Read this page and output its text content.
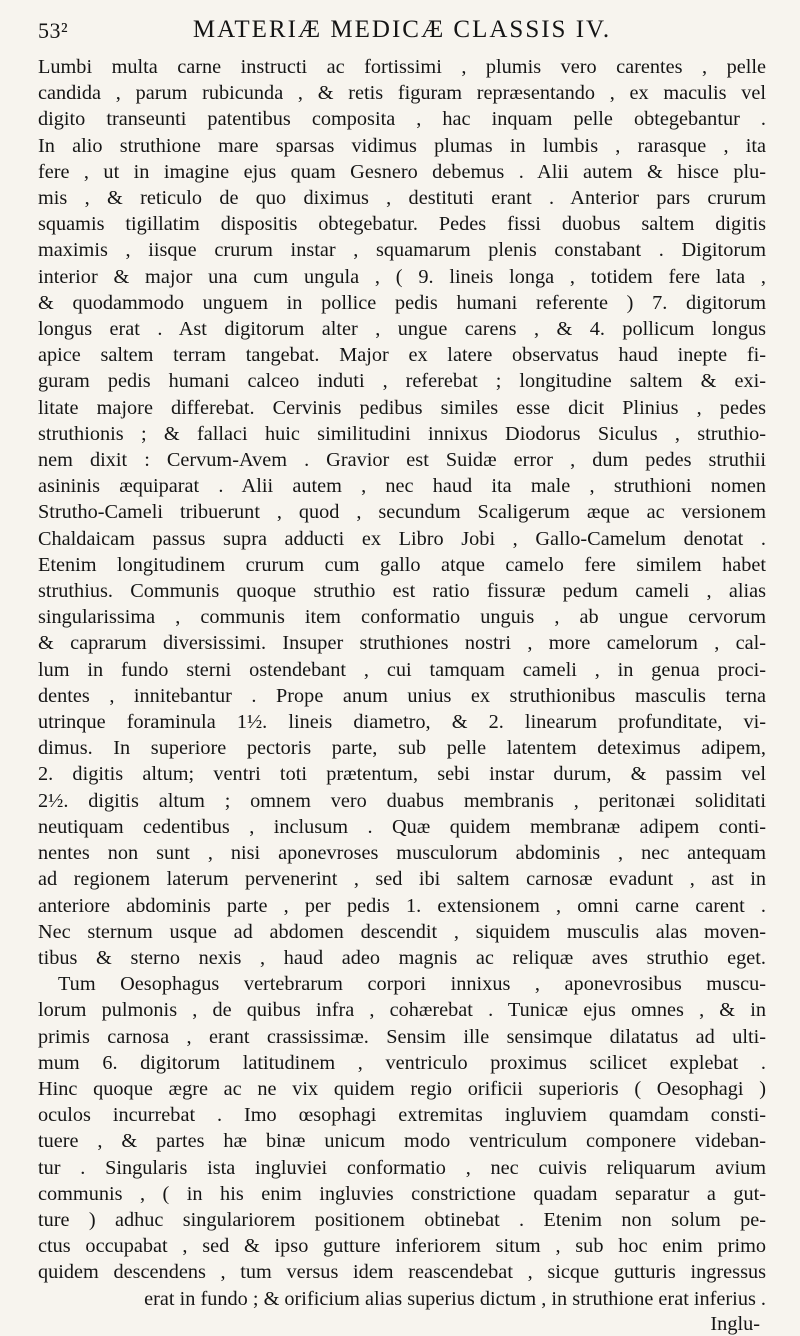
53²	MATERIÆ MEDICÆ CLASSIS IV.
Lumbi multa carne instructi ac fortissimi , plumis vero carentes , pelle
candida , parum rubicunda , & retis figuram repræsentando , ex maculis vel
digito transeunti patentibus composita , hac inquam pelle obtegebantur .
In alio struthione mare sparsas vidimus plumas in lumbis , rarasque , ita
fere , ut in imagine ejus quam Gesnero debemus . Alii autem & hisce plu-
mis , & reticulo de quo diximus , destituti erant . Anterior pars crurum
squamis tigillatim dispositis obtegebatur. Pedes fissi duobus saltem digitis
maximis , iisque crurum instar , squamarum plenis constabant . Digitorum
interior & major una cum ungula , ( 9. lineis longa , totidem fere lata ,
& quodammodo unguem in pollice pedis humani referente ) 7. digitorum
longus erat . Ast digitorum alter , ungue carens , & 4. pollicum longus
apice saltem terram tangebat. Major ex latere observatus haud inepte fi-
guram pedis humani calceo induti , referebat ; longitudine saltem & exi-
litate majore differebat. Cervinis pedibus similes esse dicit Plinius , pedes
struthionis ; & fallaci huic similitudini innixus Diodorus Siculus , struthio-
nem dixit : Cervum-Avem . Gravior est Suidæ error , dum pedes struthii
asininis æquiparat . Alii autem , nec haud ita male , struthioni nomen
Strutho-Cameli tribuerunt , quod , secundum Scaligerum æque ac versionem
Chaldaicam passus supra adducti ex Libro Jobi , Gallo-Camelum denotat .
Etenim longitudinem crurum cum gallo atque camelo fere similem habet
struthius. Communis quoque struthio est ratio fissuræ pedum cameli , alias
singularissima , communis item conformatio unguis , ab ungue cervorum
& caprarum diversissimi. Insuper struthiones nostri , more camelorum , cal-
lum in fundo sterni ostendebant , cui tamquam cameli , in genua proci-
dentes , innitebantur . Prope anum unius ex struthionibus masculis terna
utrinque foraminula 1½. lineis diametro, & 2. linearum profunditate, vi-
dimus. In superiore pectoris parte, sub pelle latentem deteximus adipem,
2. digitis altum; ventri toti prætentum, sebi instar durum, & passim vel
2½. digitis altum ; omnem vero duabus membranis , peritonæi soliditati
neutiquam cedentibus , inclusum . Quæ quidem membranæ adipem conti-
nentes non sunt , nisi aponevroses musculorum abdominis , nec antequam
ad regionem laterum pervenerint , sed ibi saltem carnosæ evadunt , ast in
anteriore abdominis parte , per pedis 1. extensionem , omni carne carent .
Nec sternum usque ad abdomen descendit , siquidem musculis alas moven-
tibus & sterno nexis , haud adeo magnis ac reliquæ aves struthio eget.
Tum Oesophagus vertebrarum corpori innixus , aponevrosibus muscu-
lorum pulmonis , de quibus infra , cohærebat . Tunicæ ejus omnes , & in
primis carnosa , erant crassissimæ. Sensim ille sensimque dilatatus ad ulti-
mum 6. digitorum latitudinem , ventriculo proximus scilicet explebat .
Hinc quoque ægre ac ne vix quidem regio orificii superioris ( Oesophagi )
oculos incurrebat . Imo œsophagi extremitas ingluviem quamdam consti-
tuere , & partes hæ binæ unicum modo ventriculum componere videban-
tur . Singularis ista ingluviei conformatio , nec cuivis reliquarum avium
communis , ( in his enim ingluvies constrictione quadam separatur a gut-
ture ) adhuc singulariorem positionem obtinebat . Etenim non solum pe-
ctus occupabat , sed & ipso gutture inferiorem situm , sub hoc enim primo
quidem descendens , tum versus idem reascendebat , sicque gutturis ingressus
erat in fundo ; & orificium alias superius dictum , in struthione erat inferius .
Inglu-
